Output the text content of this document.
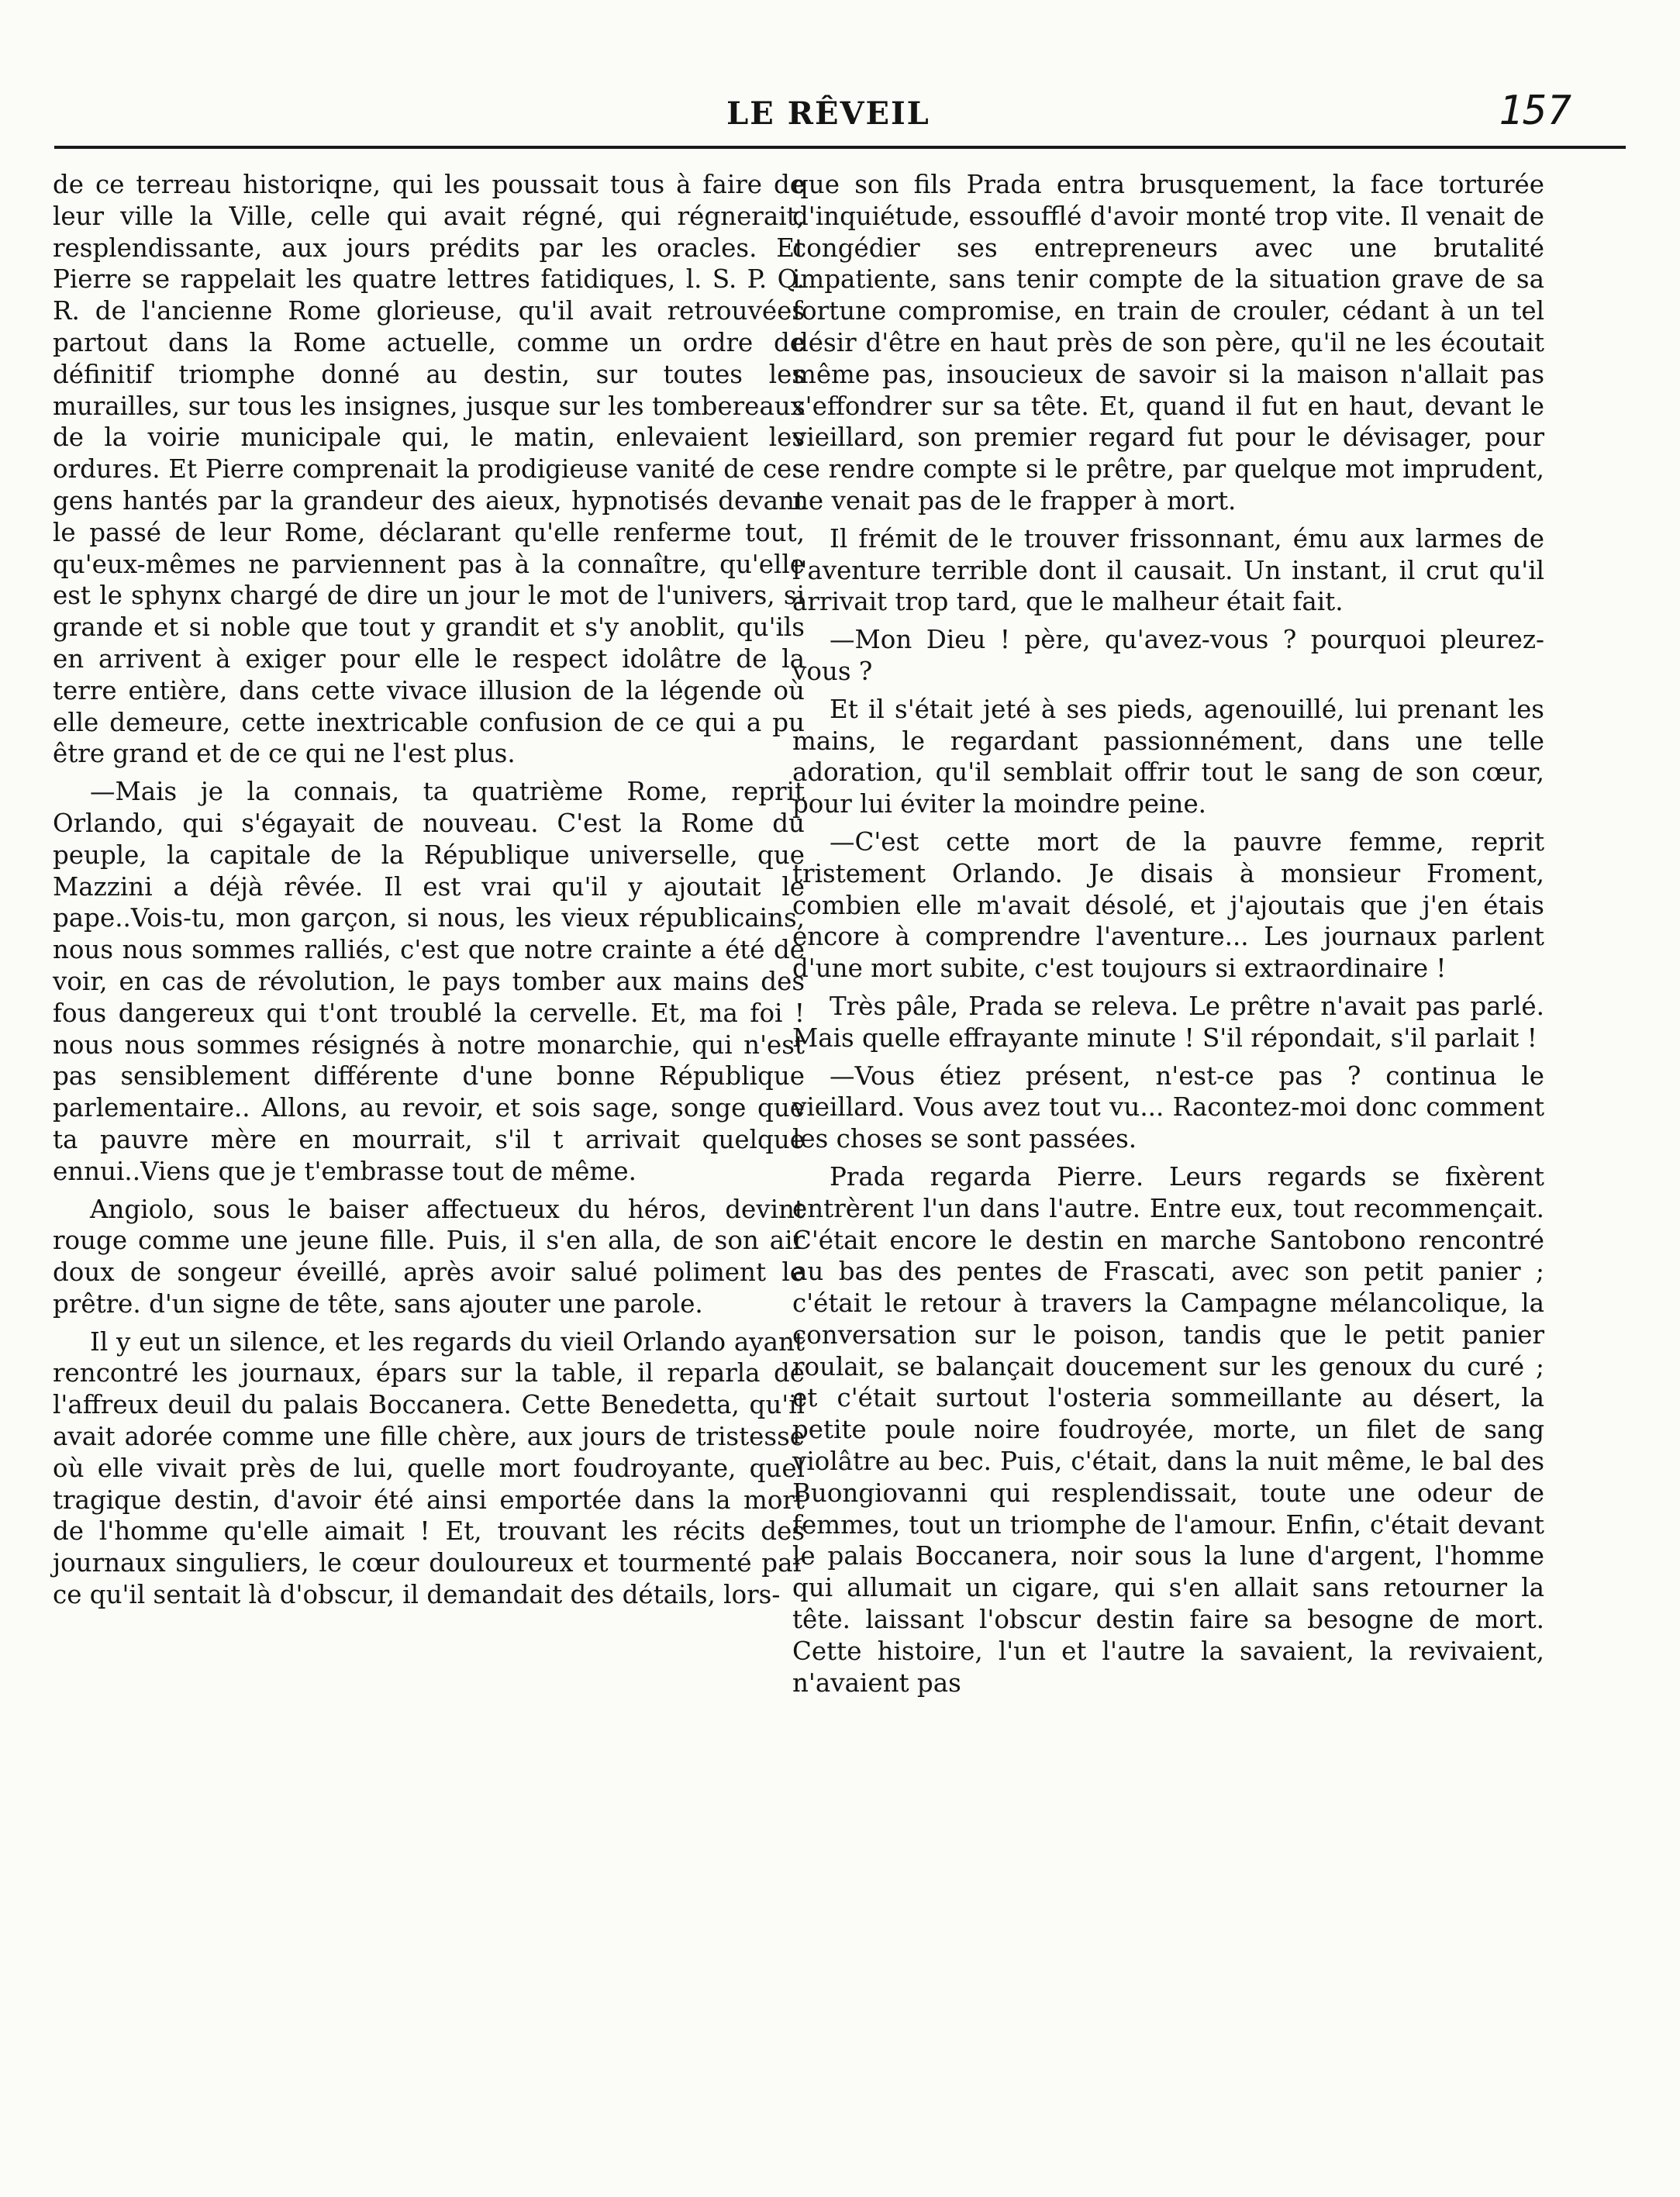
LE RÊVEIL	157

de ce terreau historiqne, qui les poussait tous à faire de leur ville la Ville, celle qui avait régné, qui régnerait, resplendissante, aux jours prédits par les oracles. Et Pierre se rappelait les quatre lettres fatidiques, l. S. P. Q. R. de l'ancienne Rome glorieuse, qu'il avait retrouvées partout dans la Rome actuelle, comme un ordre de définitif triomphe donné au destin, sur toutes les murailles, sur tous les insignes, jusque sur les tombereaux de la voirie municipale qui, le matin, enlevaient les ordures. Et Pierre comprenait la prodigieuse vanité de ces gens hantés par la grandeur des aieux, hypnotisés devant le passé de leur Rome, déclarant qu'elle renferme tout, qu'eux-mêmes ne parviennent pas à la connaître, qu'elle est le sphynx chargé de dire un jour le mot de l'univers, si grande et si noble que tout y grandit et s'y anoblit, qu'ils en arrivent à exiger pour elle le respect idolâtre de la terre entière, dans cette vivace illusion de la légende où elle demeure, cette inextricable confusion de ce qui a pu être grand et de ce qui ne l'est plus.

—Mais je la connais, ta quatrième Rome, reprit Orlando, qui s'égayait de nouveau. C'est la Rome du peuple, la capitale de la République universelle, que Mazzini a déjà rêvée. Il est vrai qu'il y ajoutait le pape..Vois-tu, mon garçon, si nous, les vieux républicains, nous nous sommes ralliés, c'est que notre crainte a été de voir, en cas de révolution, le pays tomber aux mains des fous dangereux qui t'ont troublé la cervelle. Et, ma foi ! nous nous sommes résignés à notre monarchie, qui n'est pas sensiblement différente d'une bonne République parlementaire.. Allons, au revoir, et sois sage, songe que ta pauvre mère en mourrait, s'il t arrivait quelque ennui..Viens que je t'embrasse tout de même.

Angiolo, sous le baiser affectueux du héros, devint rouge comme une jeune fille. Puis, il s'en alla, de son air doux de songeur éveillé, après avoir salué poliment le prêtre. d'un signe de tête, sans ajouter une parole.

Il y eut un silence, et les regards du vieil Orlando ayant rencontré les journaux, épars sur la table, il reparla de l'affreux deuil du palais Boccanera. Cette Benedetta, qu'il avait adorée comme une fille chère, aux jours de tristesse où elle vivait près de lui, quelle mort foudroyante, quel tragique destin, d'avoir été ainsi emportée dans la mort de l'homme qu'elle aimait ! Et, trouvant les récits des journaux singuliers, le cœur douloureux et tourmenté par ce qu'il sentait là d'obscur, il demandait des détails, lors-

que son fils Prada entra brusquement, la face torturée d'inquiétude, essoufflé d'avoir monté trop vite. Il venait de congédier ses entrepreneurs avec une brutalité impatiente, sans tenir compte de la situation grave de sa fortune compromise, en train de crouler, cédant à un tel désir d'être en haut près de son père, qu'il ne les écoutait même pas, insoucieux de savoir si la maison n'allait pas s'effondrer sur sa tête. Et, quand il fut en haut, devant le vieillard, son premier regard fut pour le dévisager, pour se rendre compte si le prêtre, par quelque mot imprudent, ne venait pas de le frapper à mort.

Il frémit de le trouver frissonnant, ému aux larmes de l'aventure terrible dont il causait. Un instant, il crut qu'il arrivait trop tard, que le malheur était fait.

—Mon Dieu ! père, qu'avez-vous ? pourquoi pleurez-vous ?

Et il s'était jeté à ses pieds, agenouillé, lui prenant les mains, le regardant passionnément, dans une telle adoration, qu'il semblait offrir tout le sang de son cœur, pour lui éviter la moindre peine.

—C'est cette mort de la pauvre femme, reprit tristement Orlando. Je disais à monsieur Froment, combien elle m'avait désolé, et j'ajoutais que j'en étais encore à comprendre l'aventure... Les journaux parlent d'une mort subite, c'est toujours si extraordinaire !

Très pâle, Prada se releva. Le prêtre n'avait pas parlé. Mais quelle effrayante minute ! S'il répondait, s'il parlait !

—Vous étiez présent, n'est-ce pas ? continua le vieillard. Vous avez tout vu... Racontez-moi donc comment les choses se sont passées.

Prada regarda Pierre. Leurs regards se fixèrent entrèrent l'un dans l'autre. Entre eux, tout recommençait. C'était encore le destin en marche Santobono rencontré au bas des pentes de Frascati, avec son petit panier ; c'était le retour à travers la Campagne mélancolique, la conversation sur le poison, tandis que le petit panier roulait, se balançait doucement sur les genoux du curé ; et c'était surtout l'osteria sommeillante au désert, la petite poule noire foudroyée, morte, un filet de sang violâtre au bec. Puis, c'était, dans la nuit même, le bal des Buongiovanni qui resplendissait, toute une odeur de femmes, tout un triomphe de l'amour. Enfin, c'était devant le palais Boccanera, noir sous la lune d'argent, l'homme qui allumait un cigare, qui s'en allait sans retourner la tête. laissant l'obscur destin faire sa besogne de mort. Cette histoire, l'un et l'autre la savaient, la revivaient, n'avaient pas
